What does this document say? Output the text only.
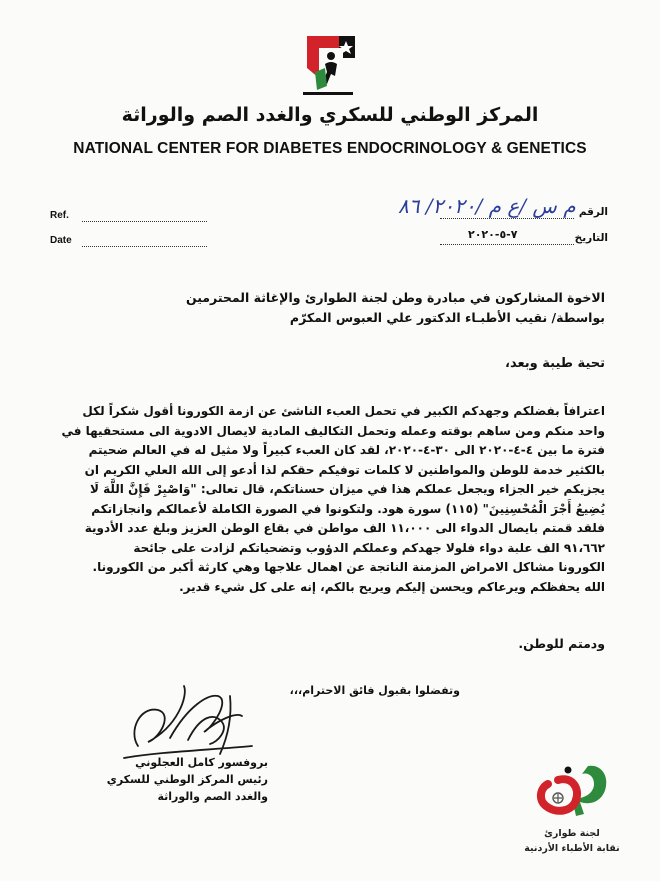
المركز الوطني للسكري والغدد الصم والوراثة
NATIONAL CENTER FOR DIABETES ENDOCRINOLOGY & GENETICS
Ref.
Date
الرقم
التاريخ
م س /ع م /٢٠٢٠/ ٨٦
٧-٥-٢٠٢٠
الاخوة المشاركون في مبادرة وطن لجنة الطوارئ والإغاثة المحترمين
بواسطة/ نقيب الأطبـاء الدكتور علي العبوس المكرّم
تحية طيبة وبعد،

اعترافاً بفضلكم وجهدكم الكبير في تحمل العبء الناشئ عن ازمة الكورونا أقول شكراً لكل

واحد منكم ومن ساهم بوقته وعمله وتحمل التكاليف المادية لايصال الادوية الى مستحقيها في

فترة ما بين ٤-٤-٢٠٢٠ الى ٣٠-٤-٢٠٢٠، لقد كان العبء كبيراً ولا مثيل له في العالم ضحيتم

بالكثير خدمة للوطن والمواطنين لا كلمات توفيكم حقكم لذا أدعو إلى الله العلي الكريم ان

يجزيكم خير الجزاء ويجعل عملكم هذا في ميزان حسناتكم، قال تعالى: "وَاصْبِرْ فَإِنَّ اللَّهَ لَا

يُضِيعُ أَجْرَ الْمُحْسِنِينَ" (١١٥) سورة هود. ولتكونوا في الصورة الكاملة لأعمالكم وانجازاتكم

فلقد قمتم بايصال الدواء الى ١١،٠٠٠ الف مواطن في بقاع الوطن العزيز وبلغ عدد الأدوية

٩١،٦٦٢ الف علبة دواء فلولا جهدكم وعملكم الدؤوب وتضحياتكم لزادت على جائحة

الكورونا مشاكل الامراض المزمنة الناتجة عن اهمال علاجها وهي كارثة أكبر من الكورونا.

الله يحفظكم ويرعاكم ويحسن إليكم ويريح بالكم، إنه على كل شيء قدير.

ودمتم للوطن.
وتفضلوا بقبول فائق الاحترام،،،
بروفسور كامل العجلوني
رئيس المركز الوطني للسكري
والغدد الصم والوراثة
لجنة طوارئ
نقابة الأطباء الأردنية
